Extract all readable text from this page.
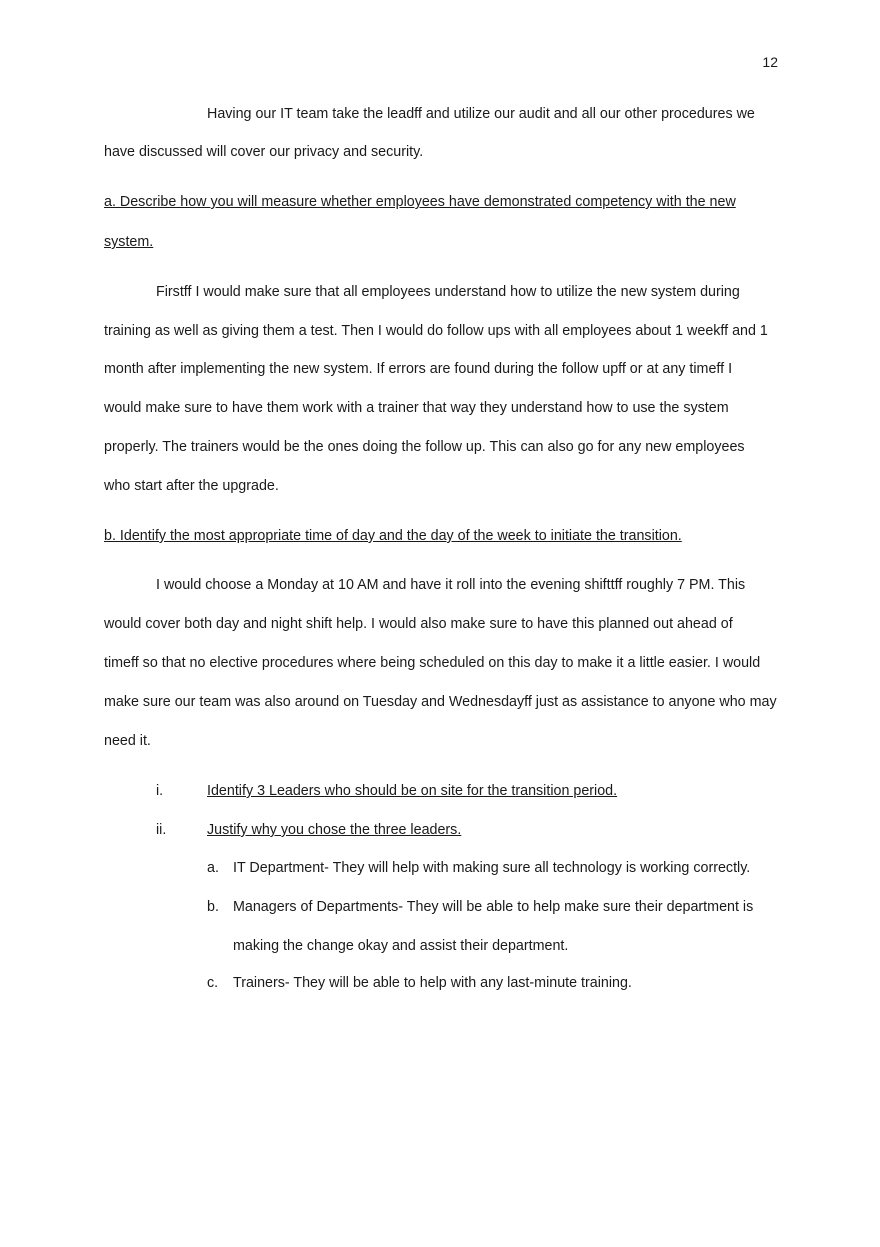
12
Having our IT team take the leadff and utilize our audit and all our other procedures we
have discussed will cover our privacy and security.
a. Describe how you will measure whether employees have demonstrated competency with the new
system.
Firstff I would make sure that all employees understand how to utilize the new system during
training as well as giving them a test. Then I would do follow ups with all employees about 1 weekff and 1
month after implementing the new system. If errors are found during the follow upff or at any timeff I
would make sure to have them work with a trainer that way they understand how to use the system
properly. The trainers would be the ones doing the follow up. This can also go for any new employees
who start after the upgrade.
b. Identify the most appropriate time of day and the day of the week to initiate the transition.
I would choose a Monday at 10 AM and have it roll into the evening shifttff roughly 7 PM. This
would cover both day and night shift help. I would also make sure to have this planned out ahead of
timeff so that no elective procedures where being scheduled on this day to make it a little easier. I would
make sure our team was also around on Tuesday and Wednesdayff just as assistance to anyone who may
need it.
i.	Identify 3 Leaders who should be on site for the transition period.
ii.	Justify why you chose the three leaders.
a. IT Department- They will help with making sure all technology is working correctly.
b. Managers of Departments- They will be able to help make sure their department is
making the change okay and assist their department.
c. Trainers- They will be able to help with any last-minute training.
